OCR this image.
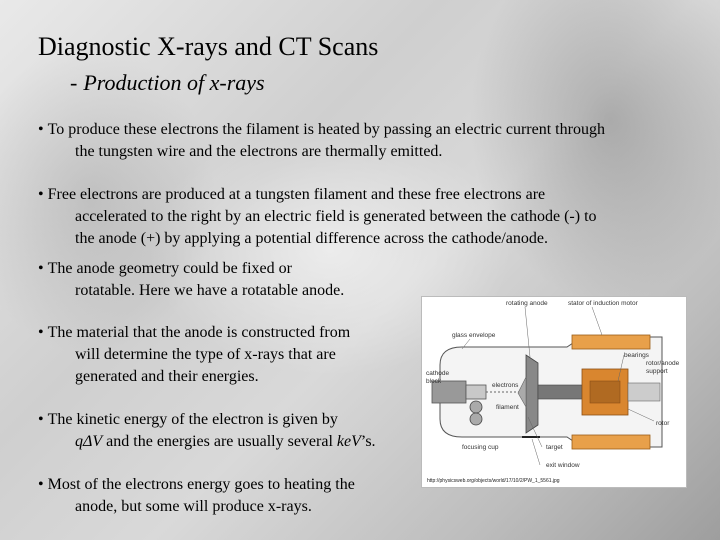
Diagnostic X-rays and CT Scans
- Production of x-rays
• To produce these electrons the filament is heated by passing an electric current through
the tungsten wire and the electrons are thermally emitted.
• Free electrons are produced at a tungsten filament and these free electrons are
accelerated to the right by an electric field is generated between the cathode (-) to
the anode (+) by applying a potential difference across the cathode/anode.
• The anode geometry could be fixed or
rotatable. Here we have a rotatable anode.
• The material that the anode is constructed from
will determine the type of x-rays that are
generated and their energies.
• The kinetic energy of the electron is given by
qΔV and the energies are usually several keV’s.
• Most of the electrons energy goes to heating the
anode, but some will produce x-rays.
rotating anode	stator of induction motor
glass envelope
bearings
rotor/anode
support
cathode
block
filament
rotor
focusing cup
electrons
target
exit window
http://physicsweb.org/objects/world/17/10/2/PW_1_5561.jpg
